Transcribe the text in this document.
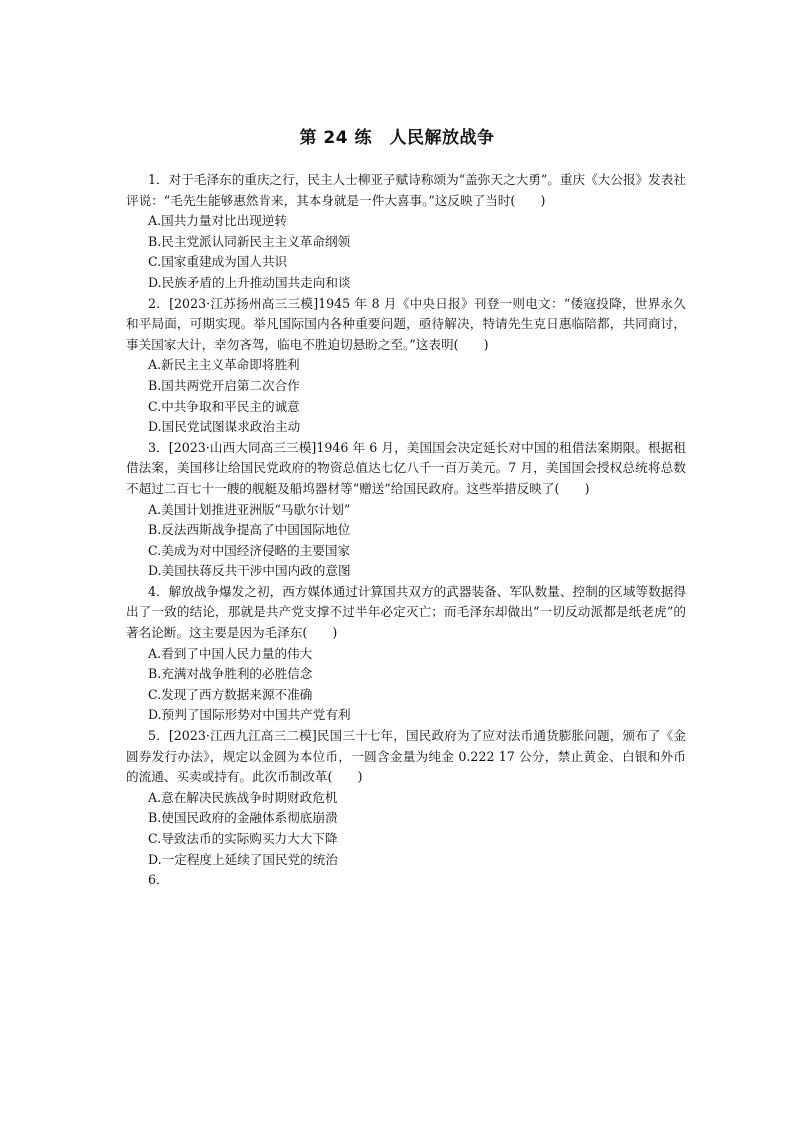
第 24 练　人民解放战争

1．对于毛泽东的重庆之行，民主人士柳亚子赋诗称颂为“盖弥天之大勇”。重庆《大公报》发表社评说：“毛先生能够惠然肯来，其本身就是一件大喜事。”这反映了当时(　　)

A.国共力量对比出现逆转
B.民主党派认同新民主主义革命纲领
C.国家重建成为国人共识
D.民族矛盾的上升推动国共走向和谈

2．[2023·江苏扬州高三三模]1945 年 8 月《中央日报》刊登一则电文：“倭寇投降，世界永久和平局面，可期实现。举凡国际国内各种重要问题，亟待解决，特请先生克日惠临陪都，共同商讨，事关国家大计，幸勿吝驾，临电不胜迫切悬盼之至。”这表明(　　)

A.新民主主义革命即将胜利
B.国共两党开启第二次合作
C.中共争取和平民主的诚意
D.国民党试图谋求政治主动

3．[2023·山西大同高三三模]1946 年 6 月，美国国会决定延长对中国的租借法案期限。根据租借法案，美国移让给国民党政府的物资总值达七亿八千一百万美元。7 月，美国国会授权总统将总数不超过二百七十一艘的舰艇及船坞器材等“赠送”给国民政府。这些举措反映了(　　)

A.美国计划推进亚洲版“马歇尔计划”
B.反法西斯战争提高了中国国际地位
C.美成为对中国经济侵略的主要国家
D.美国扶蒋反共干涉中国内政的意图

4．解放战争爆发之初，西方媒体通过计算国共双方的武器装备、军队数量、控制的区域等数据得出了一致的结论，那就是共产党支撑不过半年必定灭亡；而毛泽东却做出“一切反动派都是纸老虎”的著名论断。这主要是因为毛泽东(　　)

A.看到了中国人民力量的伟大
B.充满对战争胜利的必胜信念
C.发现了西方数据来源不准确
D.预判了国际形势对中国共产党有利

5．[2023·江西九江高三二模]民国三十七年，国民政府为了应对法币通货膨胀问题，颁布了《金圆券发行办法》，规定以金圆为本位币，一圆含金量为纯金 0.222 17 公分，禁止黄金、白银和外币的流通、买卖或持有。此次币制改革(　　)

A.意在解决民族战争时期财政危机
B.使国民政府的金融体系彻底崩溃
C.导致法币的实际购买力大大下降
D.一定程度上延续了国民党的统治

6．
